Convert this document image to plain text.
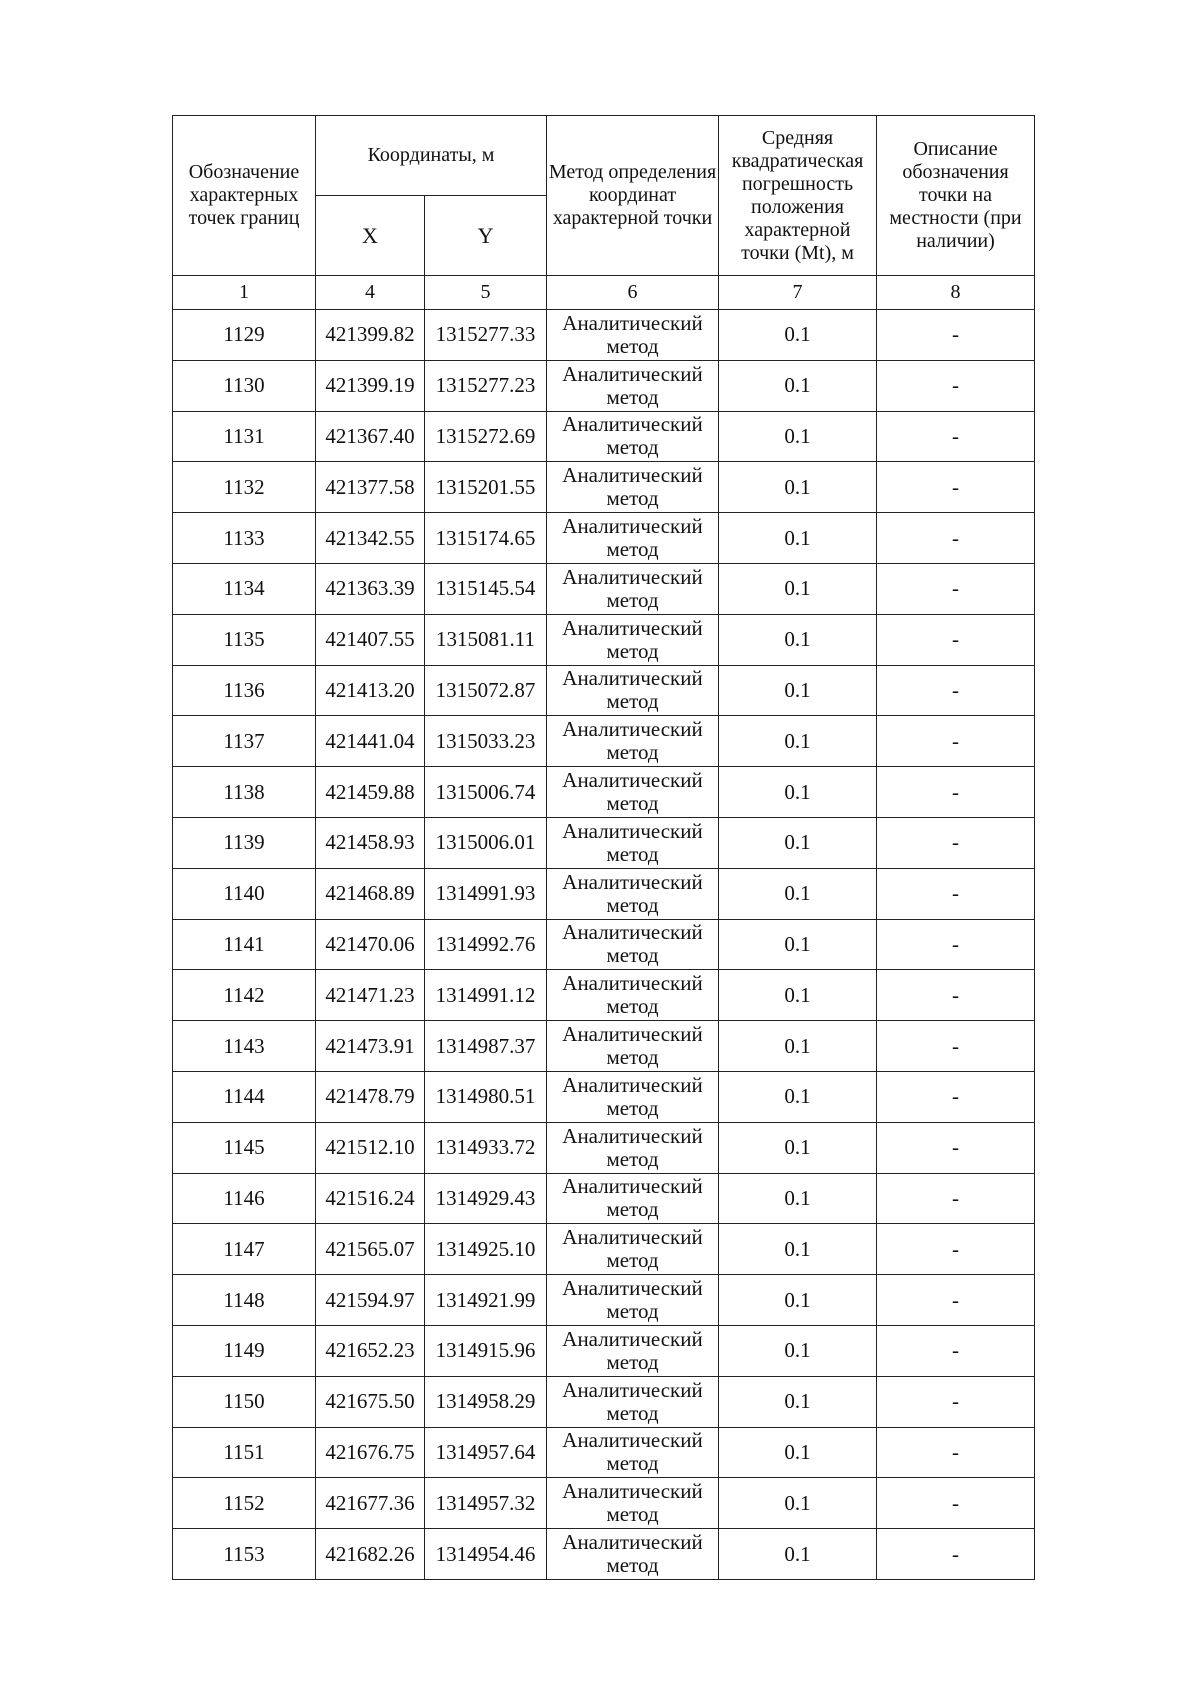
Обозначение характерных точек границ	Координаты, м		Метод определения координат характерной точки	Средняя квадратическая погрешность положения характерной точки (Mt), м	Описание обозначения точки на местности (при наличии)
	X	Y			
1	4	5	6	7	8
1129	421399.82	1315277.33	Аналитический метод	0.1	-
1130	421399.19	1315277.23	Аналитический метод	0.1	-
1131	421367.40	1315272.69	Аналитический метод	0.1	-
1132	421377.58	1315201.55	Аналитический метод	0.1	-
1133	421342.55	1315174.65	Аналитический метод	0.1	-
1134	421363.39	1315145.54	Аналитический метод	0.1	-
1135	421407.55	1315081.11	Аналитический метод	0.1	-
1136	421413.20	1315072.87	Аналитический метод	0.1	-
1137	421441.04	1315033.23	Аналитический метод	0.1	-
1138	421459.88	1315006.74	Аналитический метод	0.1	-
1139	421458.93	1315006.01	Аналитический метод	0.1	-
1140	421468.89	1314991.93	Аналитический метод	0.1	-
1141	421470.06	1314992.76	Аналитический метод	0.1	-
1142	421471.23	1314991.12	Аналитический метод	0.1	-
1143	421473.91	1314987.37	Аналитический метод	0.1	-
1144	421478.79	1314980.51	Аналитический метод	0.1	-
1145	421512.10	1314933.72	Аналитический метод	0.1	-
1146	421516.24	1314929.43	Аналитический метод	0.1	-
1147	421565.07	1314925.10	Аналитический метод	0.1	-
1148	421594.97	1314921.99	Аналитический метод	0.1	-
1149	421652.23	1314915.96	Аналитический метод	0.1	-
1150	421675.50	1314958.29	Аналитический метод	0.1	-
1151	421676.75	1314957.64	Аналитический метод	0.1	-
1152	421677.36	1314957.32	Аналитический метод	0.1	-
1153	421682.26	1314954.46	Аналитический метод	0.1	-
